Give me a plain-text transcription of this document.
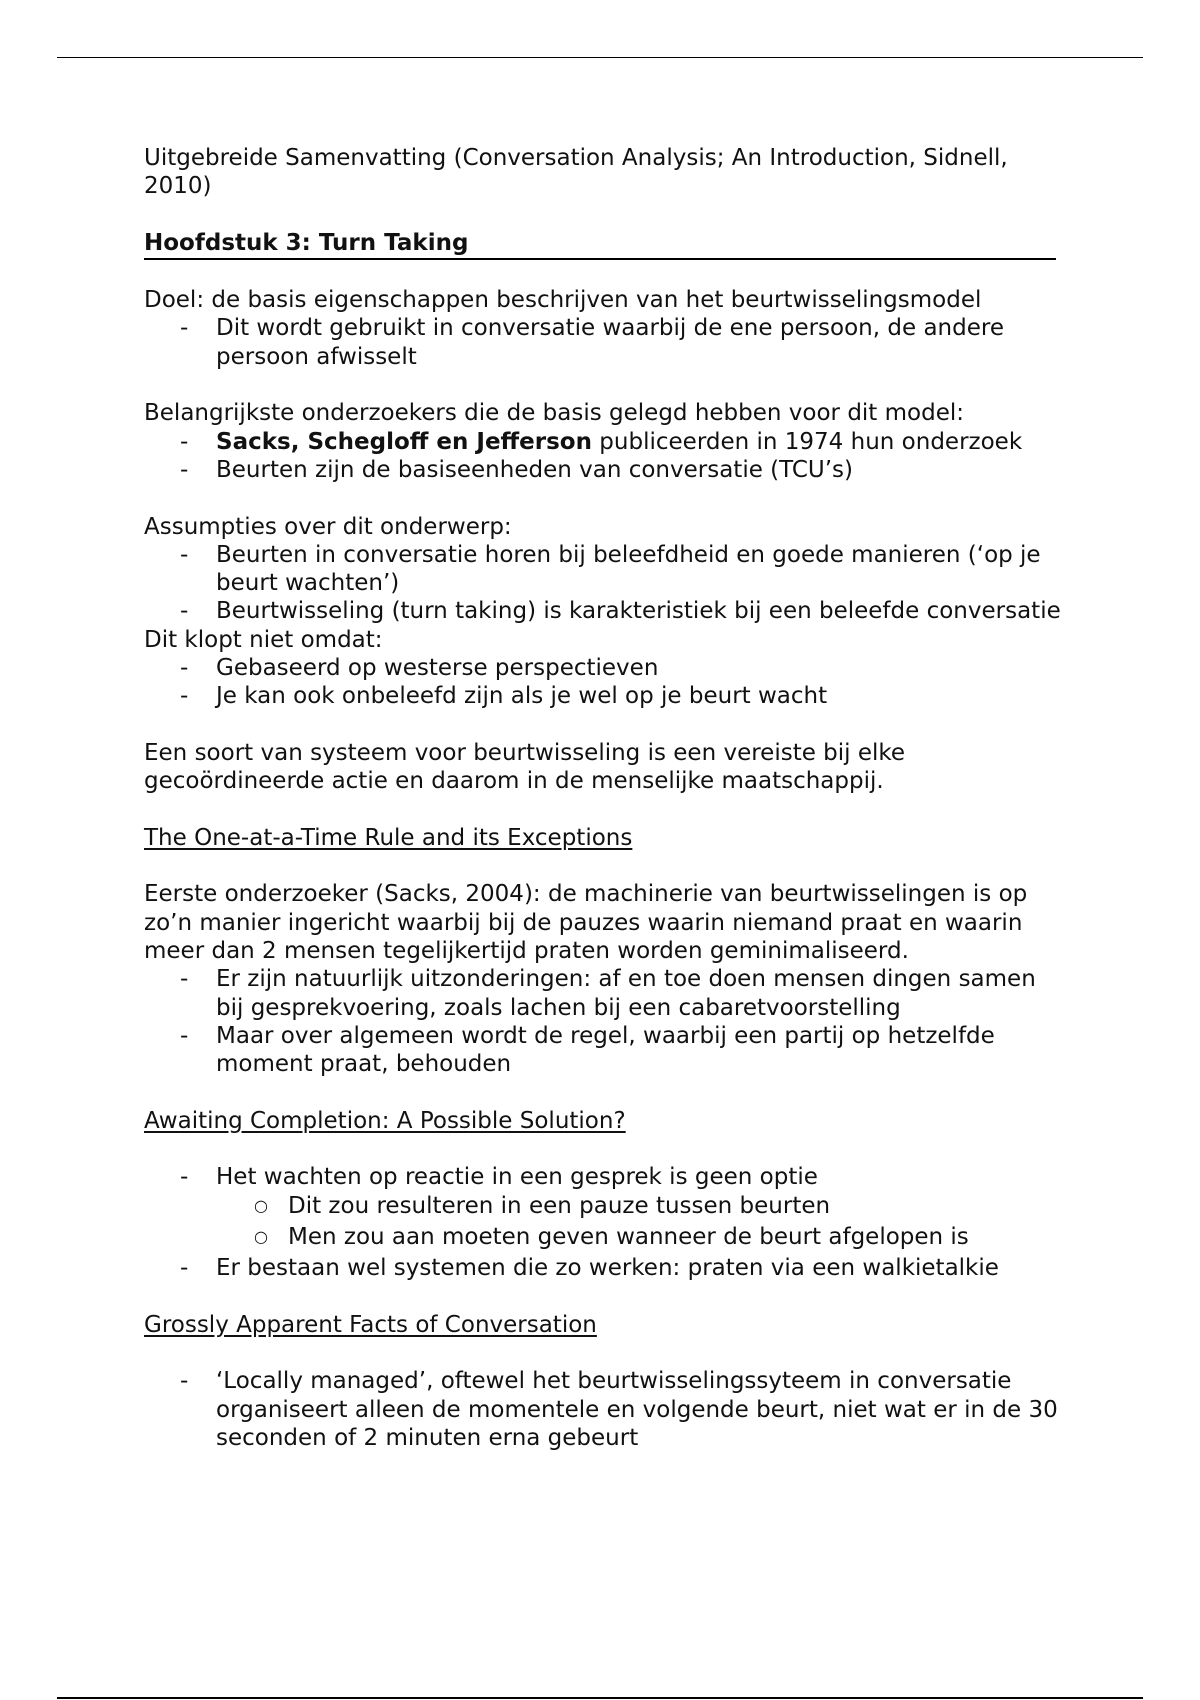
Uitgebreide Samenvatting (Conversation Analysis; An Introduction, Sidnell, 2010)

Hoofdstuk 3: Turn Taking

Doel: de basis eigenschappen beschrijven van het beurtwisselingsmodel

- Dit wordt gebruikt in conversatie waarbij de ene persoon, de andere persoon afwisselt

Belangrijkste onderzoekers die de basis gelegd hebben voor dit model:

- Sacks, Schegloff en Jefferson publiceerden in 1974 hun onderzoek
- Beurten zijn de basiseenheden van conversatie (TCU’s)

Assumpties over dit onderwerp:

- Beurten in conversatie horen bij beleefdheid en goede manieren (‘op je beurt wachten’)
- Beurtwisseling (turn taking) is karakteristiek bij een beleefde conversatie

Dit klopt niet omdat:

- Gebaseerd op westerse perspectieven
- Je kan ook onbeleefd zijn als je wel op je beurt wacht

Een soort van systeem voor beurtwisseling is een vereiste bij elke gecoördineerde actie en daarom in de menselijke maatschappij.

The One-at-a-Time Rule and its Exceptions

Eerste onderzoeker (Sacks, 2004): de machinerie van beurtwisselingen is op zo’n manier ingericht waarbij bij de pauzes waarin niemand praat en waarin meer dan 2 mensen tegelijkertijd praten worden geminimaliseerd.

- Er zijn natuurlijk uitzonderingen: af en toe doen mensen dingen samen bij gesprekvoering, zoals lachen bij een cabaretvoorstelling
- Maar over algemeen wordt de regel, waarbij een partij op hetzelfde moment praat, behouden

Awaiting Completion: A Possible Solution?

- Het wachten op reactie in een gesprek is geen optie
○ Dit zou resulteren in een pauze tussen beurten
○ Men zou aan moeten geven wanneer de beurt afgelopen is
- Er bestaan wel systemen die zo werken: praten via een walkietalkie

Grossly Apparent Facts of Conversation

- ‘Locally managed’, oftewel het beurtwisselingssyteem in conversatie organiseert alleen de momentele en volgende beurt, niet wat er in de 30 seconden of 2 minuten erna gebeurt
